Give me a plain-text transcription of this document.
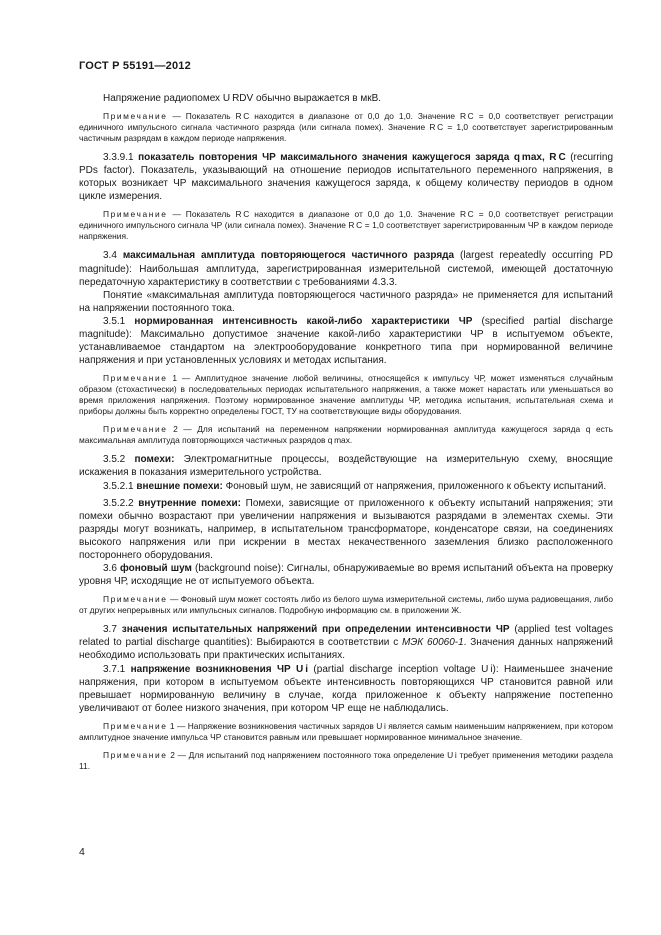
ГОСТ Р 55191—2012

Напряжение радиопомех U RDV обычно выражается в мкВ.

Примечание — Показатель R C находится в диапазоне от 0,0 до 1,0. Значение R C = 0,0 соответствует регистрации единичного импульсного сигнала частичного разряда (или сигнала помех). Значение R C = 1,0 соответствует зарегистрированным частичным разрядам в каждом периоде напряжения.

3.3.9.1 показатель повторения ЧР максимального значения кажущегося заряда q max, R C (recurring PDs factor). Показатель, указывающий на отношение периодов испытательного переменного напряжения, в которых возникает ЧР максимального значения кажущегося заряда, к общему количеству периодов в одном цикле измерения.

Примечание — Показатель R C находится в диапазоне от 0,0 до 1,0. Значение R C = 0,0 соответствует регистрации единичного импульсного сигнала ЧР (или сигнала помех). Значение R C = 1,0 соответствует зарегистрированным ЧР в каждом периоде напряжения.

3.4 максимальная амплитуда повторяющегося частичного разряда (largest repeatedly occurring PD magnitude): Наибольшая амплитуда, зарегистрированная измерительной системой, имеющей достаточную передаточную характеристику в соответствии с требованиями 4.3.3.

Понятие «максимальная амплитуда повторяющегося частичного разряда» не применяется для испытаний на напряжении постоянного тока.

3.5.1 нормированная интенсивность какой-либо характеристики ЧР (specified partial discharge magnitude): Максимально допустимое значение какой-либо характеристики ЧР в испытуемом объекте, устанавливаемое стандартом на электрооборудование конкретного типа при нормированной величине напряжения и при установленных условиях и методах испытания.

Примечание 1 — Амплитудное значение любой величины, относящейся к импульсу ЧР, может изменяться случайным образом (стохастически) в последовательных периодах испытательного напряжения, а также может нарастать или уменьшаться во время приложения напряжения. Поэтому нормированное значение амплитуды ЧР, методика испытания, испытательная схема и приборы должны быть корректно определены ГОСТ, ТУ на соответствующие виды оборудования.

Примечание 2 — Для испытаний на переменном напряжении нормированная амплитуда кажущегося заряда q есть максимальная амплитуда повторяющихся частичных разрядов q max.

3.5.2 помехи: Электромагнитные процессы, воздействующие на измерительную схему, вносящие искажения в показания измерительного устройства.

3.5.2.1 внешние помехи: Фоновый шум, не зависящий от напряжения, приложенного к объекту испытаний.

3.5.2.2 внутренние помехи: Помехи, зависящие от приложенного к объекту испытаний напряжения; эти помехи обычно возрастают при увеличении напряжения и вызываются разрядами в элементах схемы. Эти разряды могут возникать, например, в испытательном трансформаторе, конденсаторе связи, на соединениях высокого напряжения или при искрении в местах некачественного заземления близко расположенного постороннего оборудования.

3.6 фоновый шум (background noise): Сигналы, обнаруживаемые во время испытаний объекта на проверку уровня ЧР, исходящие не от испытуемого объекта.

Примечание — Фоновый шум может состоять либо из белого шума измерительной системы, либо шума радиовещания, либо от других непрерывных или импульсных сигналов. Подробную информацию см. в приложении Ж.

3.7 значения испытательных напряжений при определении интенсивности ЧР (applied test voltages related to partial discharge quantities): Выбираются в соответствии с МЭК 60060-1. Значения данных напряжений необходимо использовать при практических испытаниях.

3.7.1 напряжение возникновения ЧР U i (partial discharge inception voltage U i): Наименьшее значение напряжения, при котором в испытуемом объекте интенсивность повторяющихся ЧР становится равной или превышает нормированную величину в случае, когда приложенное к объекту напряжение постепенно увеличивают от более низкого значения, при котором ЧР еще не наблюдались.

Примечание 1 — Напряжение возникновения частичных зарядов U i является самым наименьшим напряжением, при котором амплитудное значение импульса ЧР становится равным или превышает нормированное минимальное значение.

Примечание 2 — Для испытаний под напряжением постоянного тока определение U i требует применения методики раздела 11.

4
